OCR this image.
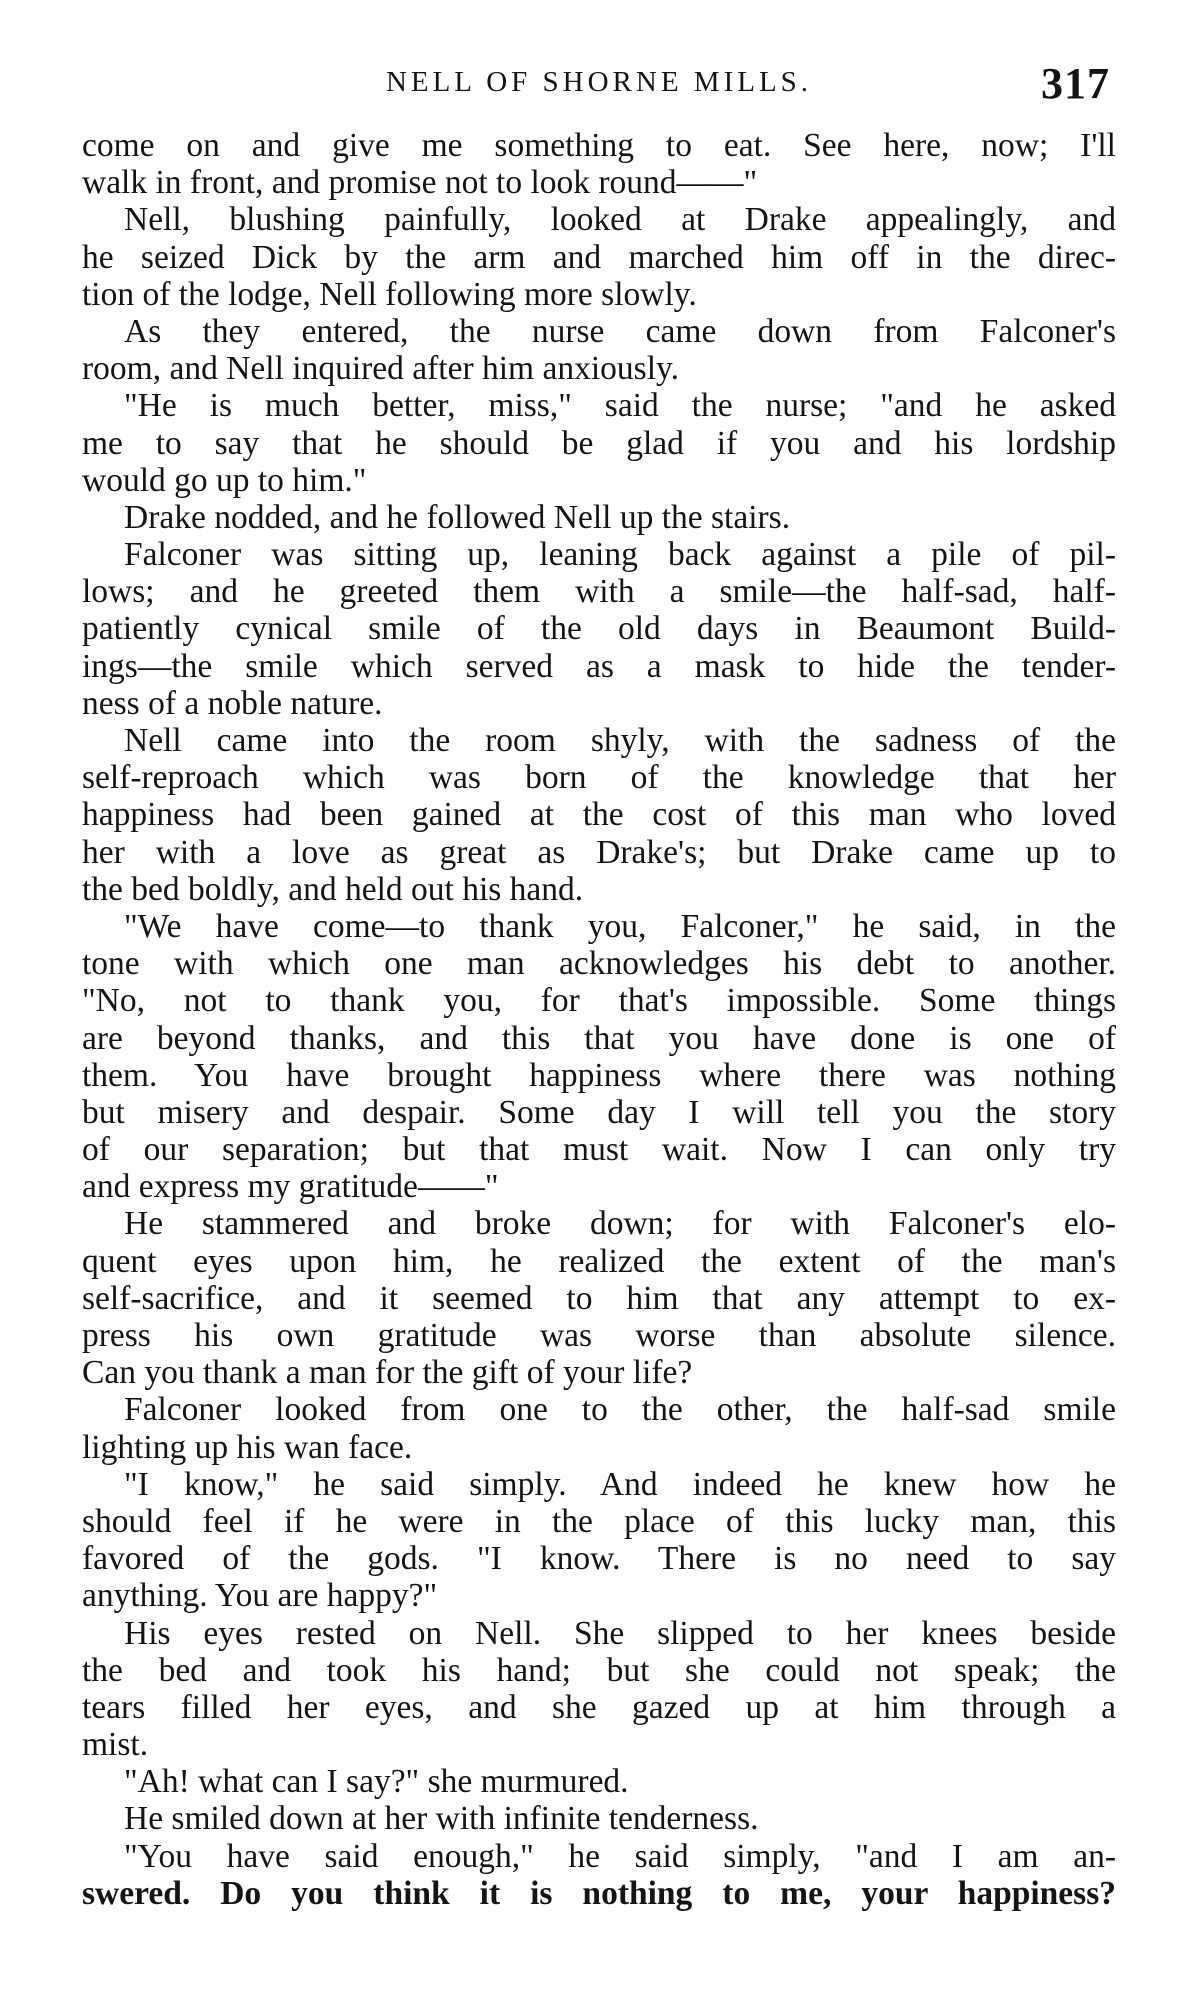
NELL OF SHORNE MILLS.	317
come on and give me something to eat. See here, now; I'll
walk in front, and promise not to look round——"
Nell, blushing painfully, looked at Drake appealingly, and
he seized Dick by the arm and marched him off in the direc-
tion of the lodge, Nell following more slowly.
As they entered, the nurse came down from Falconer's
room, and Nell inquired after him anxiously.
"He is much better, miss," said the nurse; "and he asked
me to say that he should be glad if you and his lordship
would go up to him."
Drake nodded, and he followed Nell up the stairs.
Falconer was sitting up, leaning back against a pile of pil-
lows; and he greeted them with a smile—the half-sad, half-
patiently cynical smile of the old days in Beaumont Build-
ings—the smile which served as a mask to hide the tender-
ness of a noble nature.
Nell came into the room shyly, with the sadness of the
self-reproach which was born of the knowledge that her
happiness had been gained at the cost of this man who loved
her with a love as great as Drake's; but Drake came up to
the bed boldly, and held out his hand.
"We have come—to thank you, Falconer," he said, in the
tone with which one man acknowledges his debt to another.
"No, not to thank you, for that's impossible. Some things
are beyond thanks, and this that you have done is one of
them. You have brought happiness where there was nothing
but misery and despair. Some day I will tell you the story
of our separation; but that must wait. Now I can only try
and express my gratitude——"
He stammered and broke down; for with Falconer's elo-
quent eyes upon him, he realized the extent of the man's
self-sacrifice, and it seemed to him that any attempt to ex-
press his own gratitude was worse than absolute silence.
Can you thank a man for the gift of your life?
Falconer looked from one to the other, the half-sad smile
lighting up his wan face.
"I know," he said simply. And indeed he knew how he
should feel if he were in the place of this lucky man, this
favored of the gods. "I know. There is no need to say
anything. You are happy?"
His eyes rested on Nell. She slipped to her knees beside
the bed and took his hand; but she could not speak; the
tears filled her eyes, and she gazed up at him through a
mist.
"Ah! what can I say?" she murmured.
He smiled down at her with infinite tenderness.
"You have said enough," he said simply, "and I am an-
swered. Do you think it is nothing to me, your happiness?
